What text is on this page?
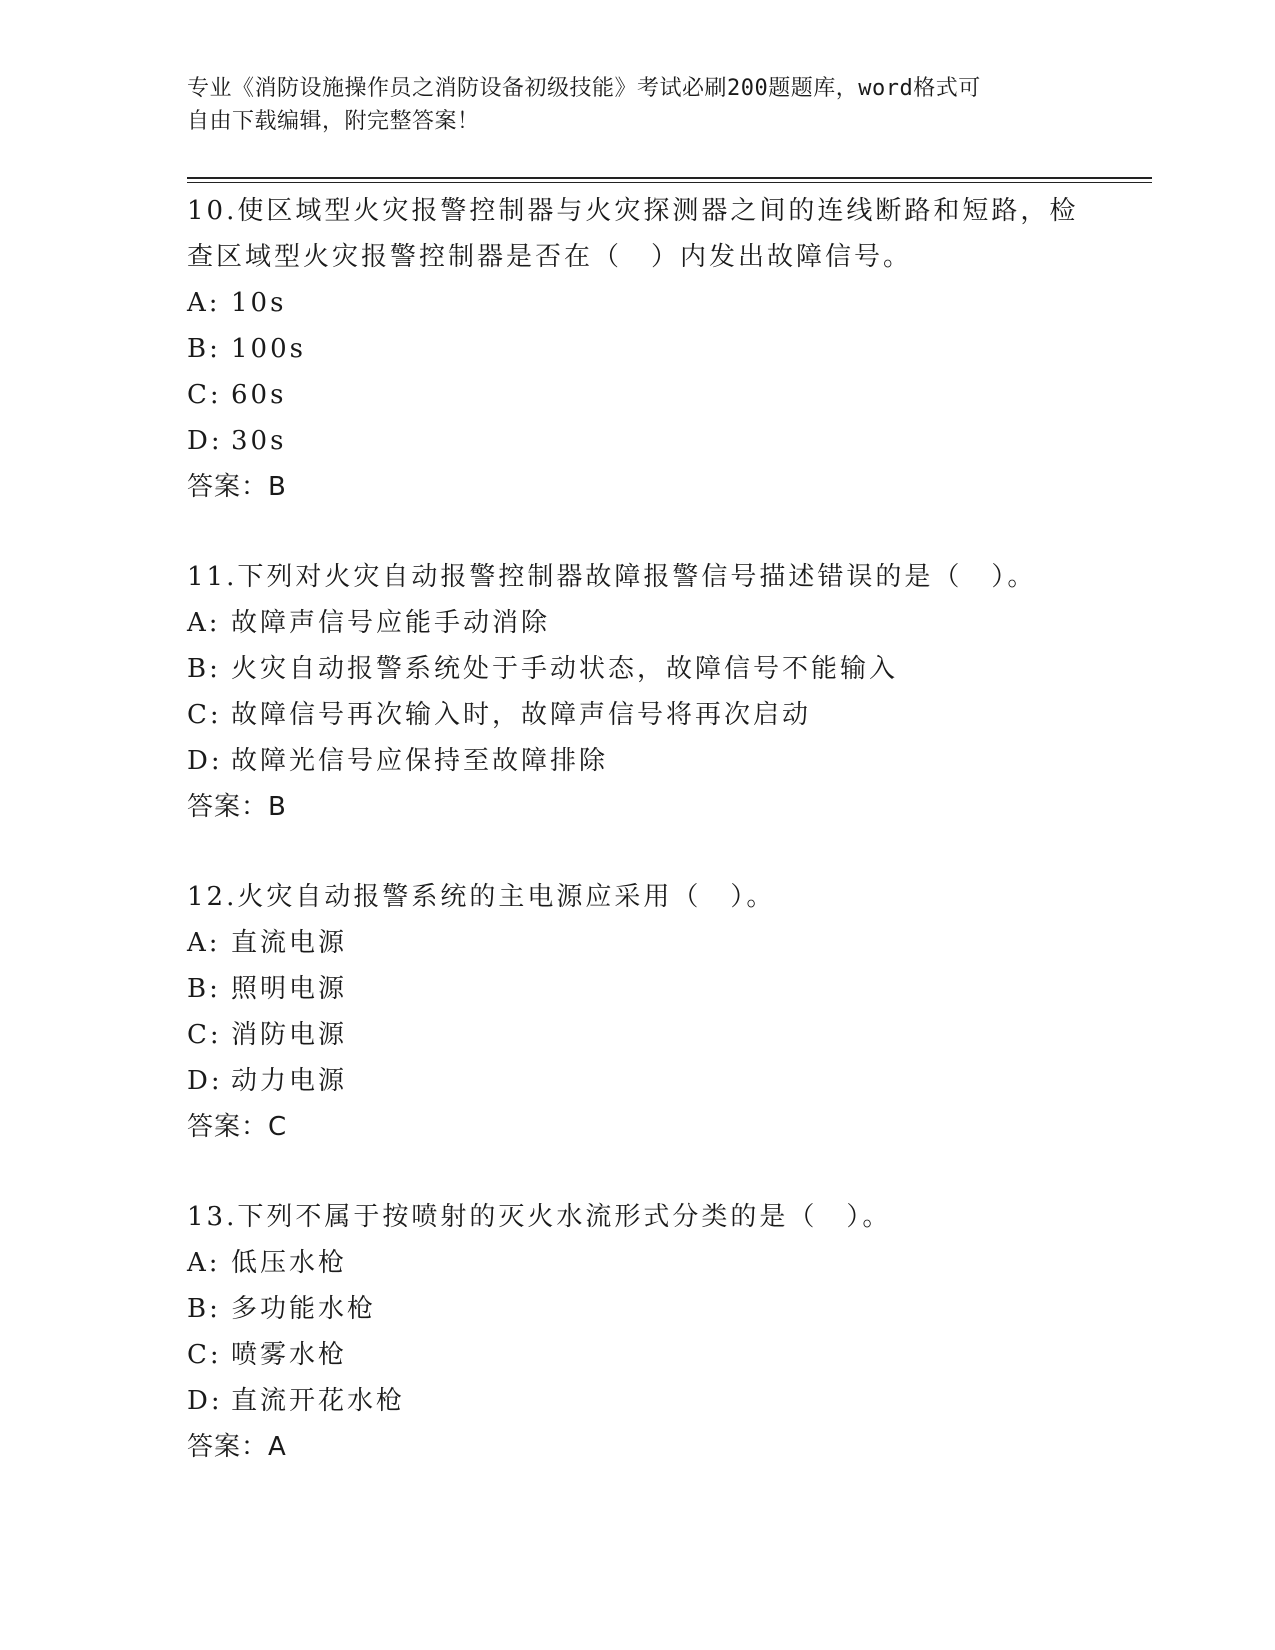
专业《消防设施操作员之消防设备初级技能》考试必刷200题题库，word格式可
自由下载编辑，附完整答案！

10.使区域型火灾报警控制器与火灾探测器之间的连线断路和短路，检
查区域型火灾报警控制器是否在（　）内发出故障信号。

A: 10s

B: 100s

C: 60s

D: 30s

答案：B

11.下列对火灾自动报警控制器故障报警信号描述错误的是（　）。

A: 故障声信号应能手动消除

B: 火灾自动报警系统处于手动状态，故障信号不能输入

C: 故障信号再次输入时，故障声信号将再次启动

D: 故障光信号应保持至故障排除

答案：B

12.火灾自动报警系统的主电源应采用（　）。

A: 直流电源

B: 照明电源

C: 消防电源

D: 动力电源

答案：C

13.下列不属于按喷射的灭火水流形式分类的是（　）。

A: 低压水枪

B: 多功能水枪

C: 喷雾水枪

D: 直流开花水枪

答案：A
